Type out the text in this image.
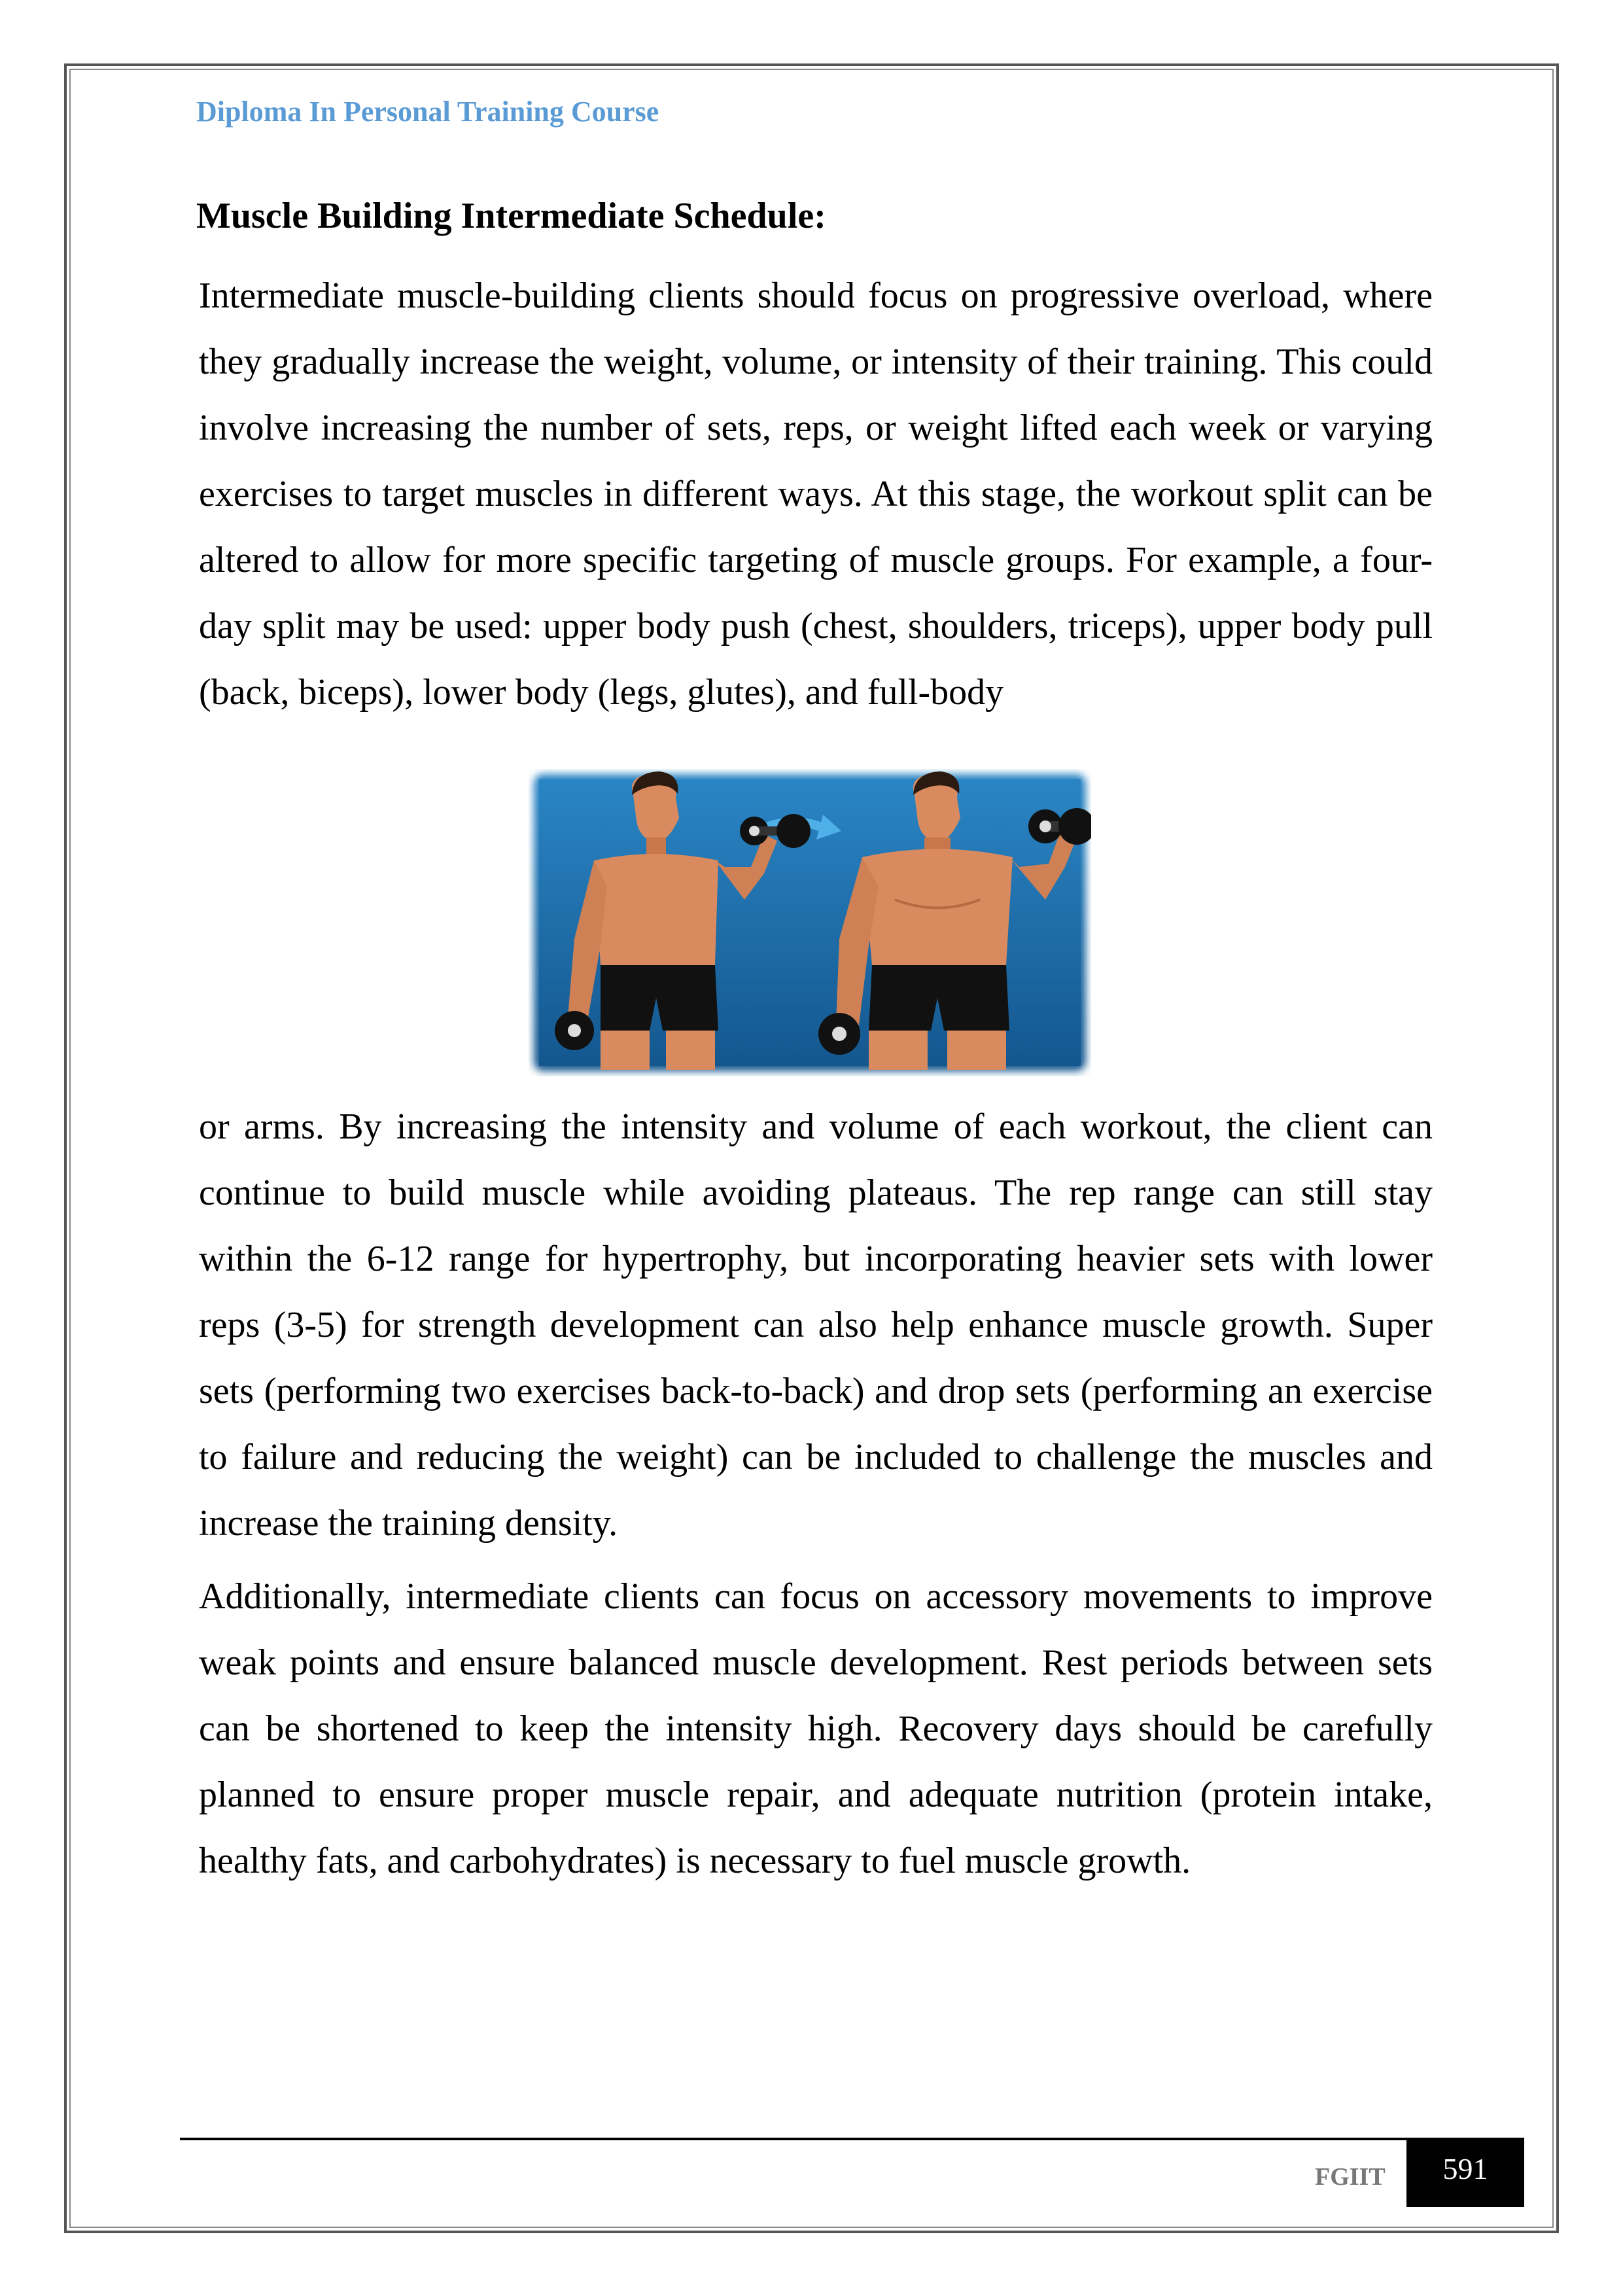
Diploma In Personal Training Course
Muscle Building Intermediate Schedule:

Intermediate muscle-building clients should focus on progressive overload, where they gradually increase the weight, volume, or intensity of their training. This could involve increasing the number of sets, reps, or weight lifted each week or varying exercises to target muscles in different ways. At this stage, the workout split can be altered to allow for more specific targeting of muscle groups. For example, a four-day split may be used: upper body push (chest, shoulders, triceps), upper body pull (back, biceps), lower body (legs, glutes), and full-body

or arms. By increasing the intensity and volume of each workout, the client can continue to build muscle while avoiding plateaus. The rep range can still stay within the 6-12 range for hypertrophy, but incorporating heavier sets with lower reps (3-5) for strength development can also help enhance muscle growth. Super sets (performing two exercises back-to-back) and drop sets (performing an exercise to failure and reducing the weight) can be included to challenge the muscles and increase the training density.

Additionally, intermediate clients can focus on accessory movements to improve weak points and ensure balanced muscle development. Rest periods between sets can be shortened to keep the intensity high. Recovery days should be carefully planned to ensure proper muscle repair, and adequate nutrition (protein intake, healthy fats, and carbohydrates) is necessary to fuel muscle growth.

FGIIT	591
